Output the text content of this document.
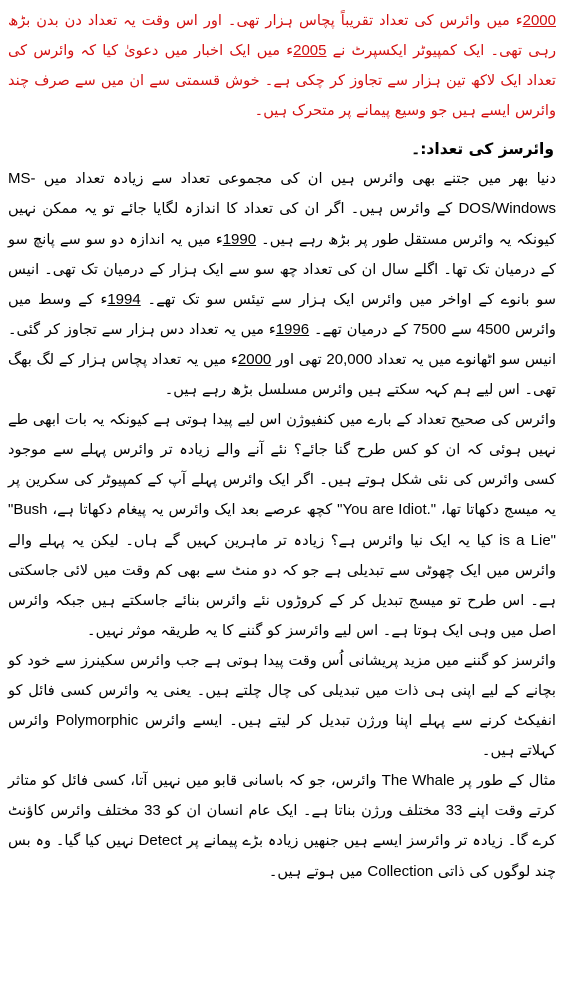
2000ء میں وائرس کی تعداد تقریباً پچاس ہزار تھی۔ اور اس وقت یہ تعداد دن بدن بڑھ رہی تھی۔ ایک کمپیوٹر ایکسپرٹ نے 2005ء میں ایک اخبار میں دعویٰ کیا کہ وائرس کی تعداد ایک لاکھ تین ہزار سے تجاوز کر چکی ہے۔ خوش قسمتی سے ان میں سے صرف چند وائرس ایسے ہیں جو وسیع پیمانے پر متحرک ہیں۔

وائرسز کی تعداد:۔

دنیا بھر میں جتنے بھی وائرس ہیں ان کی مجموعی تعداد سے زیادہ تعداد میں MS-DOS/Windows کے وائرس ہیں۔ اگر ان کی تعداد کا اندازہ لگایا جائے تو یہ ممکن نہیں کیونکہ یہ وائرس مستقل طور پر بڑھ رہے ہیں۔ 1990ء میں یہ اندازہ دو سو سے پانچ سو کے درمیان تک تھا۔ اگلے سال ان کی تعداد چھ سو سے ایک ہزار کے درمیان تک تھی۔ انیس سو بانوے کے اواخر میں وائرس ایک ہزار سے تیئس سو تک تھے۔ 1994ء کے وسط میں وائرس 4500 سے 7500 کے درمیان تھے۔ 1996ء میں یہ تعداد دس ہزار سے تجاوز کر گئی۔ انیس سو اٹھانوے میں یہ تعداد 20,000 تھی اور 2000ء میں یہ تعداد پچاس ہزار کے لگ بھگ تھی۔ اس لیے ہم کہہ سکتے ہیں وائرس مسلسل بڑھ رہے ہیں۔

وائرس کی صحیح تعداد کے بارے میں کنفیوژن اس لیے پیدا ہوتی ہے کیونکہ یہ بات ابھی طے نہیں ہوئی کہ ان کو کس طرح گنا جائے؟ نئے آنے والے زیادہ تر وائرس پہلے سے موجود کسی وائرس کی نئی شکل ہوتے ہیں۔ اگر ایک وائرس پہلے آپ کے کمپیوٹر کی سکرین پر یہ میسج دکھاتا تھا، "You are Idiot." کچھ عرصے بعد ایک وائرس یہ پیغام دکھاتا ہے، "Bush is a Lie" کیا یہ ایک نیا وائرس ہے؟ زیادہ تر ماہرین کہیں گے ہاں۔ لیکن یہ پہلے والے وائرس میں ایک چھوٹی سے تبدیلی ہے جو کہ دو منٹ سے بھی کم وقت میں لائی جاسکتی ہے۔ اس طرح تو میسج تبدیل کر کے کروڑوں نئے وائرس بنائے جاسکتے ہیں جبکہ وائرس اصل میں وہی ایک ہوتا ہے۔ اس لیے وائرسز کو گننے کا یہ طریقہ موثر نہیں۔

وائرسز کو گننے میں مزید پریشانی اُس وقت پیدا ہوتی ہے جب وائرس سکینرز سے خود کو بچانے کے لیے اپنی ہی ذات میں تبدیلی کی چال چلتے ہیں۔ یعنی یہ وائرس کسی فائل کو انفیکٹ کرنے سے پہلے اپنا ورژن تبدیل کر لیتے ہیں۔ ایسے وائرس Polymorphic وائرس کہلاتے ہیں۔

مثال کے طور پر The Whale وائرس، جو کہ باسانی قابو میں نہیں آتا، کسی فائل کو متاثر کرتے وقت اپنے 33 مختلف ورژن بناتا ہے۔ ایک عام انسان ان کو 33 مختلف وائرس کاؤنٹ کرے گا۔ زیادہ تر وائرسز ایسے ہیں جنھیں زیادہ بڑے پیمانے پر Detect نہیں کیا گیا۔ وہ بس چند لوگوں کی ذاتی Collection میں ہوتے ہیں۔
